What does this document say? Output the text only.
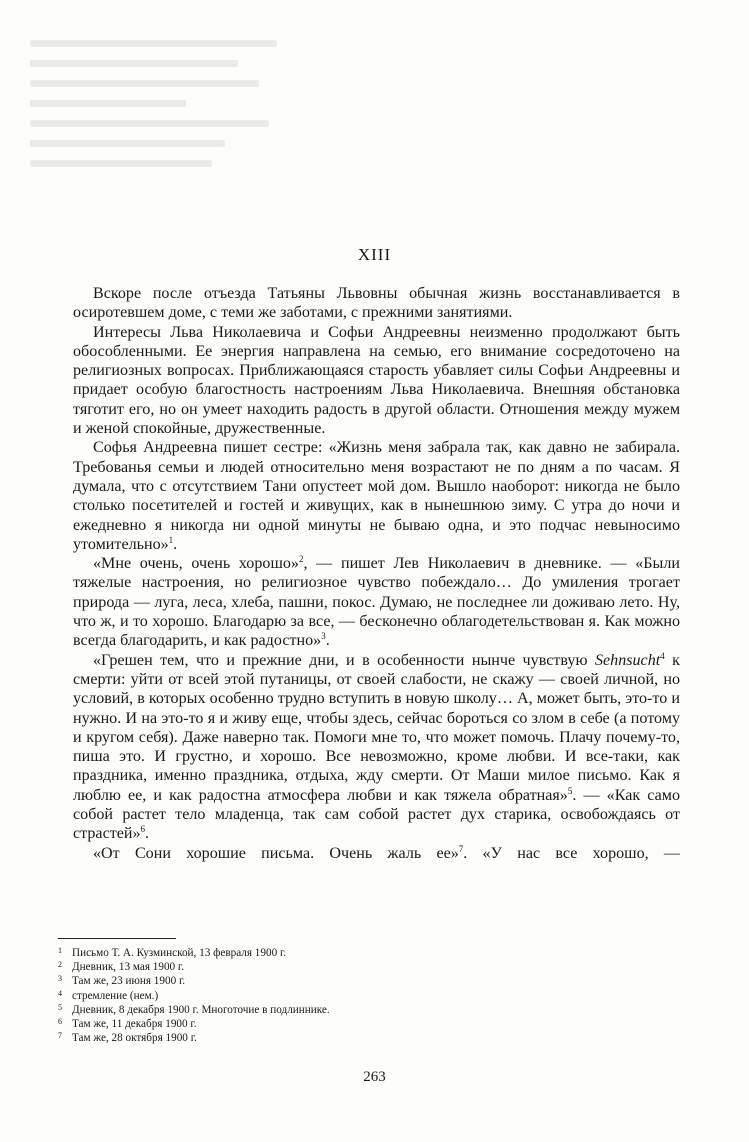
XIII

Вскоре после отъезда Татьяны Львовны обычная жизнь восстанавливается в осиротевшем доме, с теми же заботами, с прежними занятиями.

Интересы Льва Николаевича и Софьи Андреевны неизменно продолжают быть обособленными. Ее энергия направлена на семью, его внимание сосредоточено на религиозных вопросах. Приближающаяся старость убавляет силы Софьи Андреевны и придает особую благостность настроениям Льва Николаевича. Внешняя обстановка тяготит его, но он умеет находить радость в другой области. Отношения между мужем и женой спокойные, дружественные.

Софья Андреевна пишет сестре: «Жизнь меня забрала так, как давно не забирала. Требованья семьи и людей относительно меня возрастают не по дням а по часам. Я думала, что с отсутствием Тани опустеет мой дом. Вышло наоборот: никогда не было столько посетителей и гостей и живущих, как в нынешнюю зиму. С утра до ночи и ежедневно я никогда ни одной минуты не бываю одна, и это подчас невыносимо утомительно»$^1$.

«Мне очень, очень хорошо»$^2$, — пишет Лев Николаевич в дневнике. — «Были тяжелые настроения, но религиозное чувство побеждало… До умиления трогает природа — луга, леса, хлеба, пашни, покос. Думаю, не последнее ли доживаю лето. Ну, что ж, и то хорошо. Благодарю за все, — бесконечно облагодетельствован я. Как можно всегда благодарить, и как радостно»$^3$.

«Грешен тем, что и прежние дни, и в особенности нынче чувствую Sehnsucht$^4$ к смерти: уйти от всей этой путаницы, от своей слабости, не скажу — своей личной, но условий, в которых особенно трудно вступить в новую школу… А, может быть, это-то и нужно. И на это-то я и живу еще, чтобы здесь, сейчас бороться со злом в себе (а потому и кругом себя). Даже наверно так. Помоги мне то, что может помочь. Плачу почему-то, пиша это. И грустно, и хорошо. Все невозможно, кроме любви. И все-таки, как праздника, именно праздника, отдыха, жду смерти. От Маши милое письмо. Как я люблю ее, и как радостна атмосфера любви и как тяжела обратная»$^5$. — «Как само собой растет тело младенца, так сам собой растет дух старика, освобождаясь от страстей»$^6$.

«От Сони хорошие письма. Очень жаль ее»$^7$. «У нас все хорошо, —

1 Письмо Т. А. Кузминской, 13 февраля 1900 г.
2 Дневник, 13 мая 1900 г.
3 Там же, 23 июня 1900 г.
4 стремление (нем.)
5 Дневник, 8 декабря 1900 г. Многоточие в подлиннике.
6 Там же, 11 декабря 1900 г.
7 Там же, 28 октября 1900 г.
263
